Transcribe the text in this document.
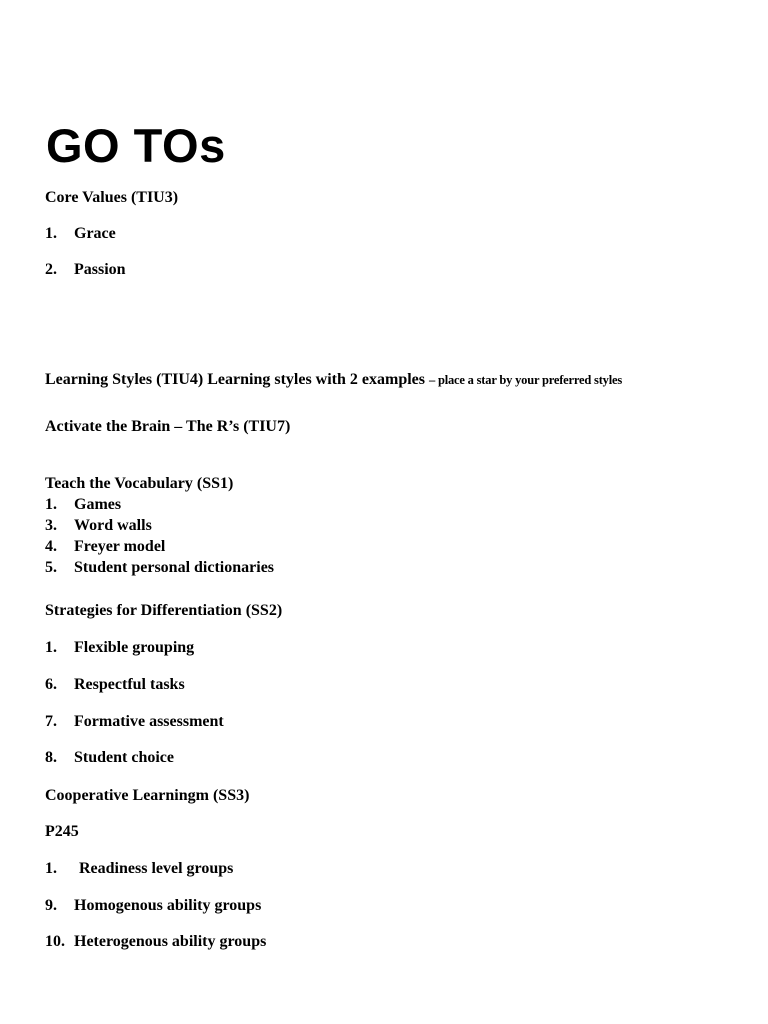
GO TOs

Core Values (TIU3)

1. Grace

2. Passion

Learning Styles (TIU4) Learning styles with 2 examples – place a star by your preferred styles

Activate the Brain – The R’s (TIU7)

Teach the Vocabulary (SS1)

1. Games

3. Word walls

4. Freyer model

5. Student personal dictionaries

Strategies for Differentiation (SS2)

1. Flexible grouping

6. Respectful tasks

7. Formative assessment

8. Student choice

Cooperative Learningm (SS3)

P245

1. Readiness level groups

9. Homogenous ability groups

10. Heterogenous ability groups
